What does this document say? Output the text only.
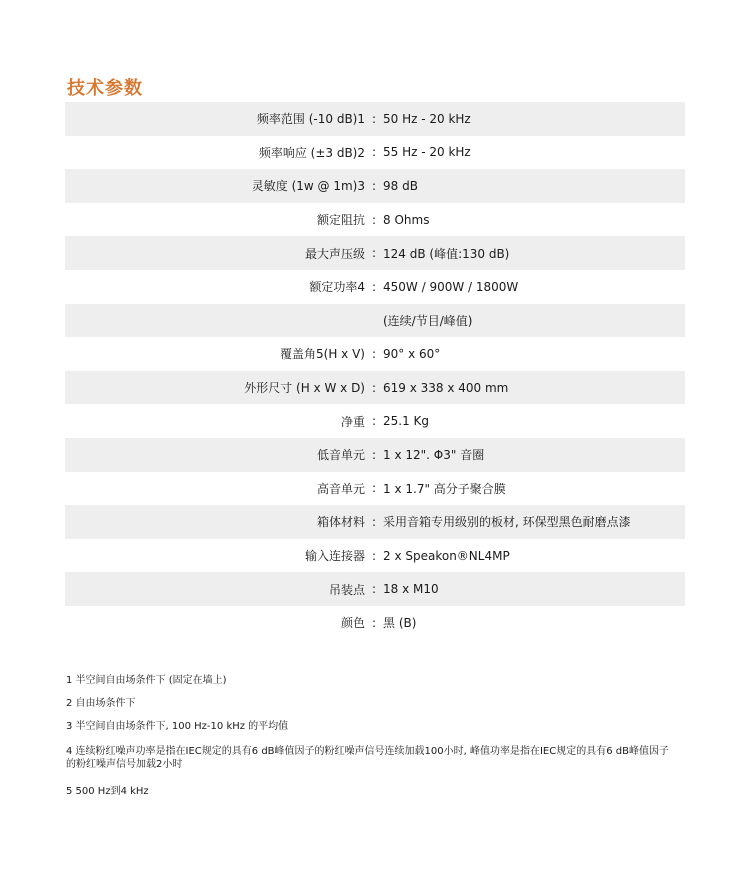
技术参数
频率范围 (-10 dB)1 : 50 Hz - 20 kHz
频率响应 (±3 dB)2 : 55 Hz - 20 kHz
灵敏度 (1w @ 1m)3 : 98 dB
额定阻抗 : 8 Ohms
最大声压级 : 124 dB (峰值:130 dB)
额定功率4 : 450W / 900W / 1800W
(连续/节目/峰值)
覆盖角5(H x V) : 90° x 60°
外形尺寸 (H x W x D) : 619 x 338 x 400 mm
净重 : 25.1 Kg
低音单元 : 1 x 12". Φ3" 音圈
高音单元 : 1 x 1.7" 高分子聚合膜
箱体材料 : 采用音箱专用级别的板材, 环保型黑色耐磨点漆
输入连接器 : 2 x Speakon®NL4MP
吊装点 : 18 x M10
颜色 : 黑 (B)

1 半空间自由场条件下 (固定在墙上)

2 自由场条件下

3 半空间自由场条件下, 100 Hz-10 kHz 的平均值

4 连续粉红噪声功率是指在IEC规定的具有6 dB峰值因子的粉红噪声信号连续加载100小时, 峰值功率是指在IEC规定的具有6 dB峰值因子的粉红噪声信号加载2小时

5 500 Hz到4 kHz
